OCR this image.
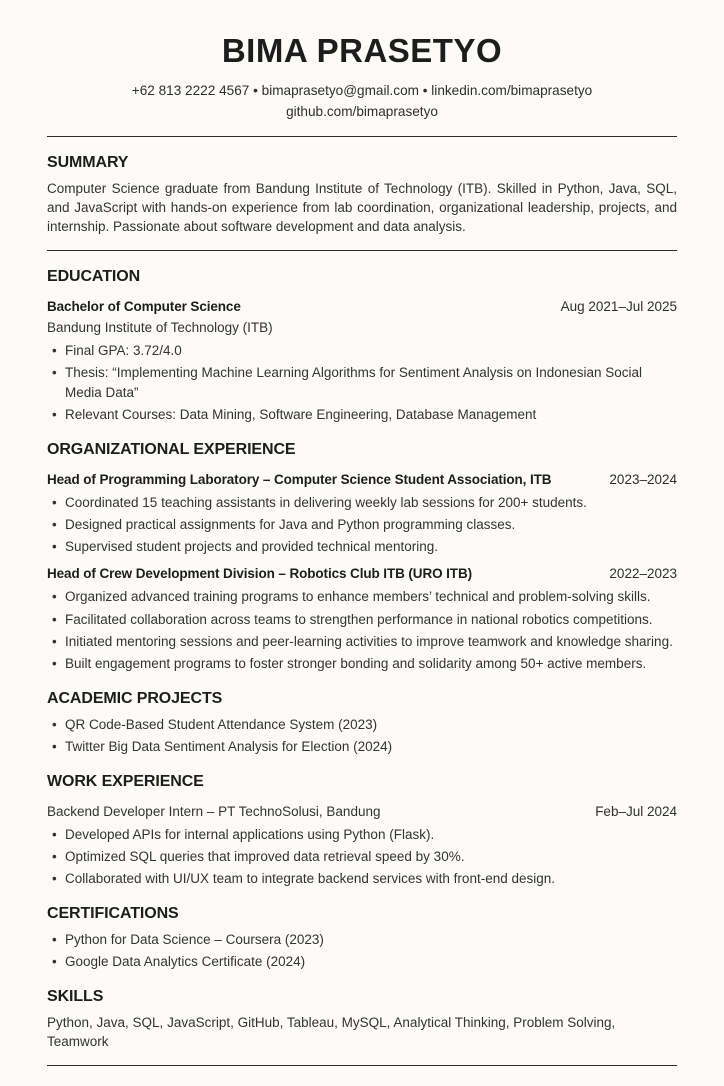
BIMA PRASETYO
+62 813 2222 4567 • bimaprasetyo@gmail.com • linkedin.com/bimaprasetyo
github.com/bimaprasetyo
SUMMARY

Computer Science graduate from Bandung Institute of Technology (ITB). Skilled in Python, Java, SQL, and JavaScript with hands-on experience from lab coordination, organizational leadership, projects, and internship. Passionate about software development and data analysis.

EDUCATION
Bachelor of Computer Science	Aug 2021–Jul 2025

Bandung Institute of Technology (ITB)

• Final GPA: 3.72/4.0
• Thesis: “Implementing Machine Learning Algorithms for Sentiment Analysis on Indonesian Social Media Data”
• Relevant Courses: Data Mining, Software Engineering, Database Management
ORGANIZATIONAL EXPERIENCE
Head of Programming Laboratory – Computer Science Student Association, ITB	2023–2024
• Coordinated 15 teaching assistants in delivering weekly lab sessions for 200+ students.
• Designed practical assignments for Java and Python programming classes.
• Supervised student projects and provided technical mentoring.
Head of Crew Development Division – Robotics Club ITB (URO ITB)	2022–2023
• Organized advanced training programs to enhance members’ technical and problem-solving skills.
• Facilitated collaboration across teams to strengthen performance in national robotics competitions.
• Initiated mentoring sessions and peer-learning activities to improve teamwork and knowledge sharing.
• Built engagement programs to foster stronger bonding and solidarity among 50+ active members.
ACADEMIC PROJECTS
• QR Code-Based Student Attendance System (2023)
• Twitter Big Data Sentiment Analysis for Election (2024)
WORK EXPERIENCE
Backend Developer Intern – PT TechnoSolusi, Bandung	Feb–Jul 2024
• Developed APIs for internal applications using Python (Flask).
• Optimized SQL queries that improved data retrieval speed by 30%.
• Collaborated with UI/UX team to integrate backend services with front-end design.
CERTIFICATIONS
• Python for Data Science – Coursera (2023)
• Google Data Analytics Certificate (2024)
SKILLS

Python, Java, SQL, JavaScript, GitHub, Tableau, MySQL, Analytical Thinking, Problem Solving, Teamwork
